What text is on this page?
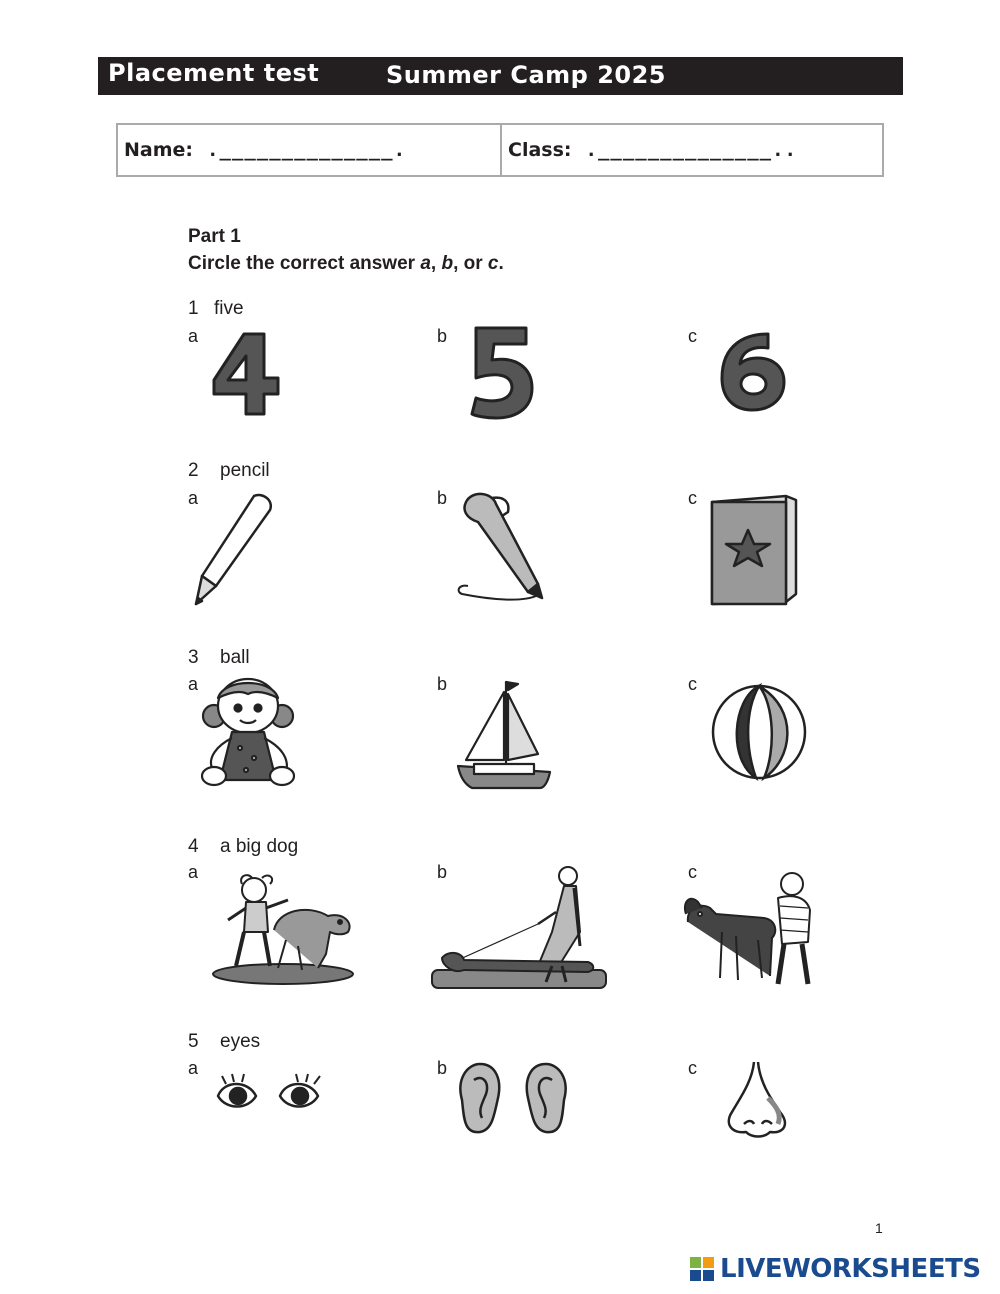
Placement test	Summer Camp 2025
Name: .______________.	Class: .______________..
Part 1
Circle the correct answer a, b, or c.
1 five
a	b	c
2 pencil
a	b	c
3 ball
a	b	c
4 a big dog
a	b	c
5 eyes
a	b	c
1
LIVEWORKSHEETS
